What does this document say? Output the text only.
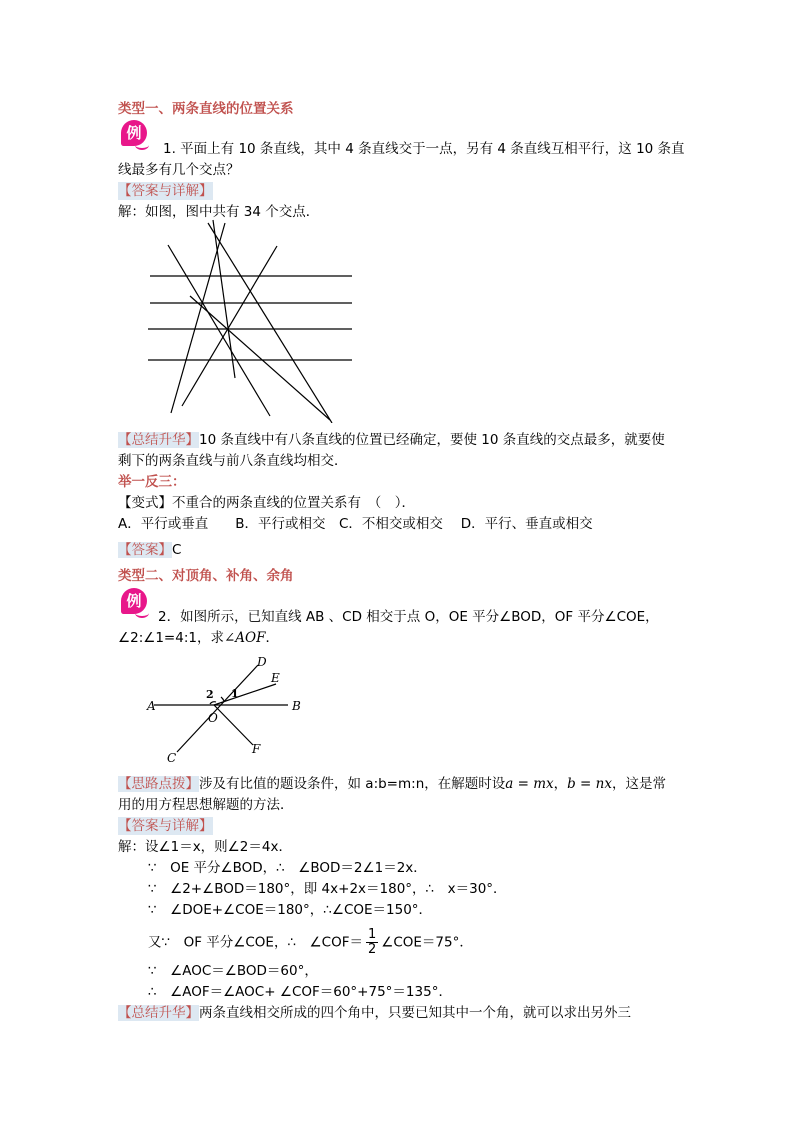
类型一、两条直线的位置关系
例
1. 平面上有 10 条直线，其中 4 条直线交于一点，另有 4 条直线互相平行，这 10 条直
线最多有几个交点？
【答案与详解】
解：如图，图中共有 34 个交点．
【总结升华】10 条直线中有八条直线的位置已经确定，要使 10 条直线的交点最多，就要使
剩下的两条直线与前八条直线均相交．
举一反三：
【变式】不重合的两条直线的位置关系有　（　）．
A．平行或垂直　　B．平行或相交　C．不相交或相交　 D．平行、垂直或相交
【答案】C
类型二、对顶角、补角、余角
例
2．如图所示，已知直线 AB 、CD 相交于点 O，OE 平分∠BOD，OF 平分∠COE，
∠2:∠1=4:1，求∠AOF．
A	B
C
D
E
F
O
1
2
【思路点拨】涉及有比值的题设条件，如 a:b=m:n，在解题时设a = mx，b = nx，这是常
用的用方程思想解题的方法．
【答案与详解】
解：设∠1＝x，则∠2＝4x．
∵　OE 平分∠BOD，∴　∠BOD＝2∠1＝2x．
∵　∠2+∠BOD＝180°，即 4x+2x＝180°，∴　x＝30°．
∵　∠DOE+∠COE＝180°，∴∠COE＝150°．
又∵　OF 平分∠COE，∴　∠COF＝ $\frac{1}{2}$ ∠COE＝75°．
∵　∠AOC＝∠BOD＝60°，
∴　∠AOF＝∠AOC+ ∠COF＝60°+75°＝135°．
【总结升华】两条直线相交所成的四个角中，只要已知其中一个角，就可以求出另外三
